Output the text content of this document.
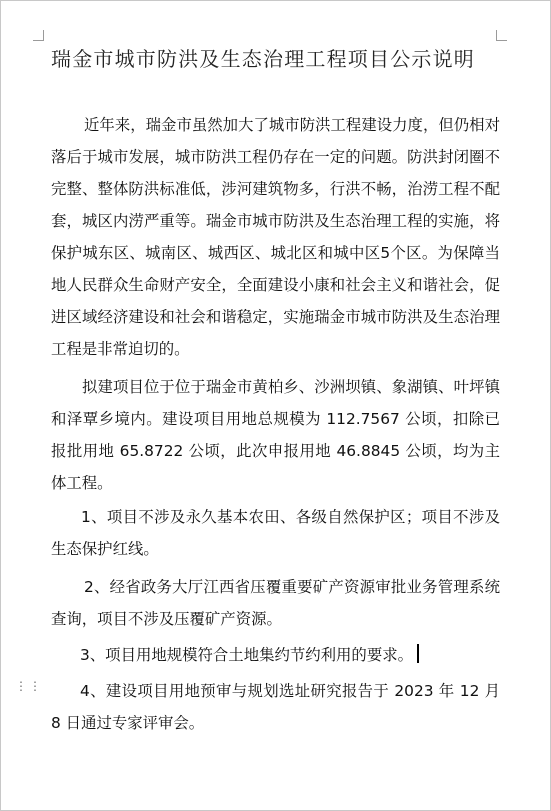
瑞金市城市防洪及生态治理工程项目公示说明

近年来，瑞金市虽然加大了城市防洪工程建设力度，但仍相对落后于城市发展，城市防洪工程仍存在一定的问题。防洪封闭圈不完整、整体防洪标准低，涉河建筑物多，行洪不畅，治涝工程不配套，城区内涝严重等。瑞金市城市防洪及生态治理工程的实施，将保护城东区、城南区、城西区、城北区和城中区5个区。为保障当地人民群众生命财产安全，全面建设小康和社会主义和谐社会，促进区域经济建设和社会和谐稳定，实施瑞金市城市防洪及生态治理工程是非常迫切的。

拟建项目位于位于瑞金市黄柏乡、沙洲坝镇、象湖镇、叶坪镇和泽覃乡境内。建设项目用地总规模为 112.7567 公顷，扣除已报批用地 65.8722 公顷，此次申报用地 46.8845 公顷，均为主体工程。

1、项目不涉及永久基本农田、各级自然保护区；项目不涉及生态保护红线。

2、经省政务大厅江西省压覆重要矿产资源审批业务管理系统查询，项目不涉及压覆矿产资源。

3、项目用地规模符合土地集约节约利用的要求。

4、建设项目用地预审与规划选址研究报告于 2023 年 12 月 8 日通过专家评审会。

⋮⋮
